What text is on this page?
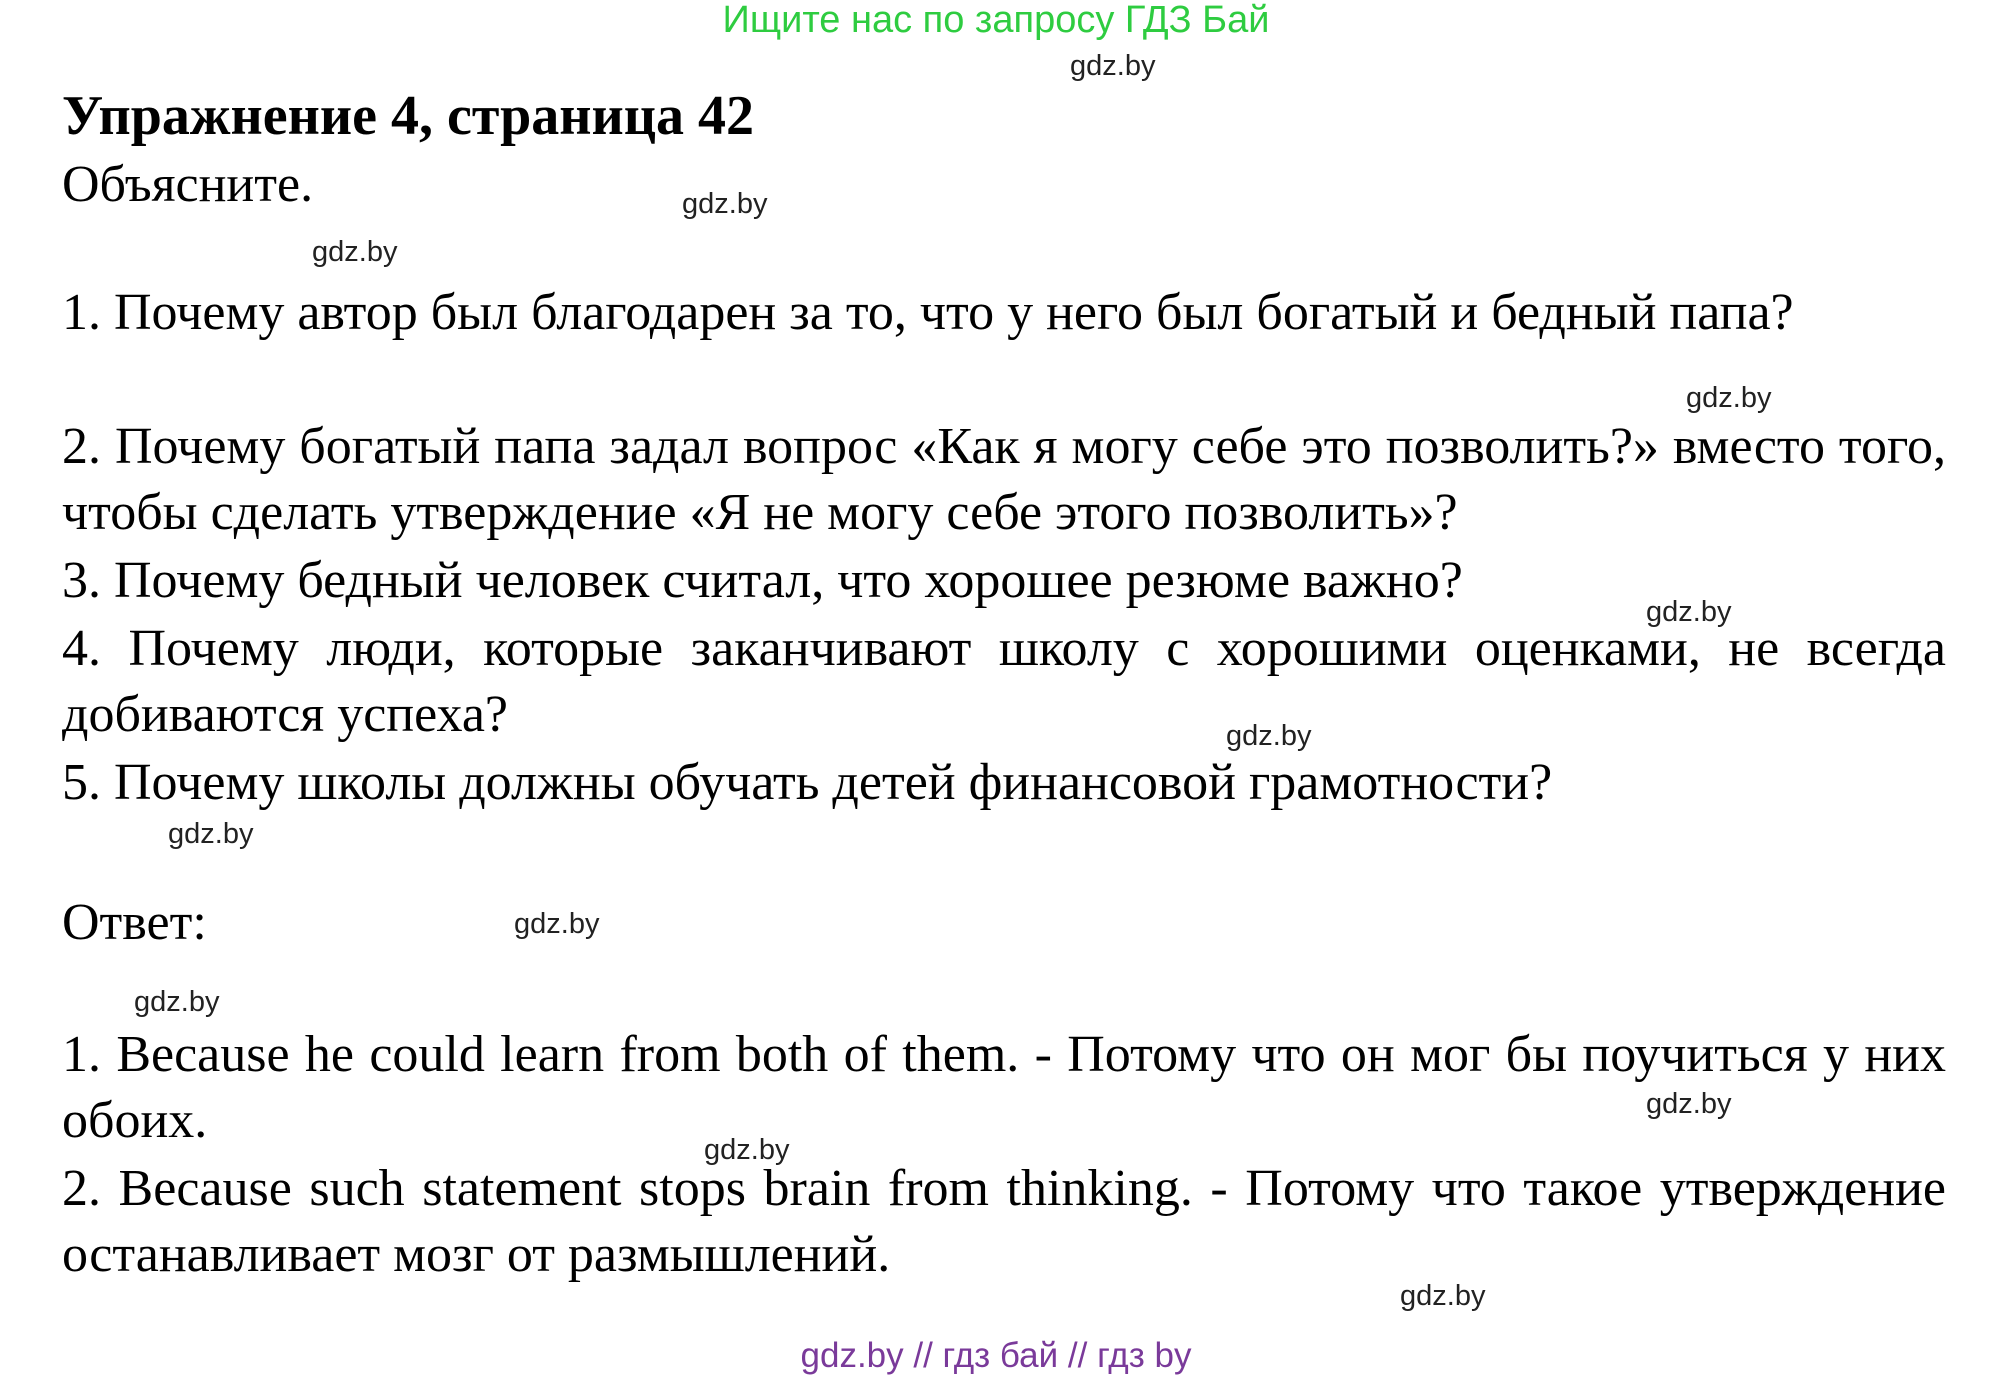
Ищите нас по запросу ГДЗ Бай
Упражнение 4, страница 42

Объясните.

1. Почему автор был благодарен за то, что у него был богатый и бедный папа?

2. Почему богатый папа задал вопрос «Как я могу себе это позволить?» вместо того, чтобы сделать утверждение «Я не могу себе этого позволить»?

3. Почему бедный человек считал, что хорошее резюме важно?

4. Почему люди, которые заканчивают школу с хорошими оценками, не всегда добиваются успеха?

5. Почему школы должны обучать детей финансовой грамотности?

Ответ:

1. Because he could learn from both of them. - Потому что он мог бы поучиться у них обоих.

2. Because such statement stops brain from thinking. - Потому что такое утверждение останавливает мозг от размышлений.

gdz.by
gdz.by
gdz.by
gdz.by
gdz.by
gdz.by
gdz.by
gdz.by
gdz.by
gdz.by
gdz.by
gdz.by
gdz.by // гдз бай // гдз by
